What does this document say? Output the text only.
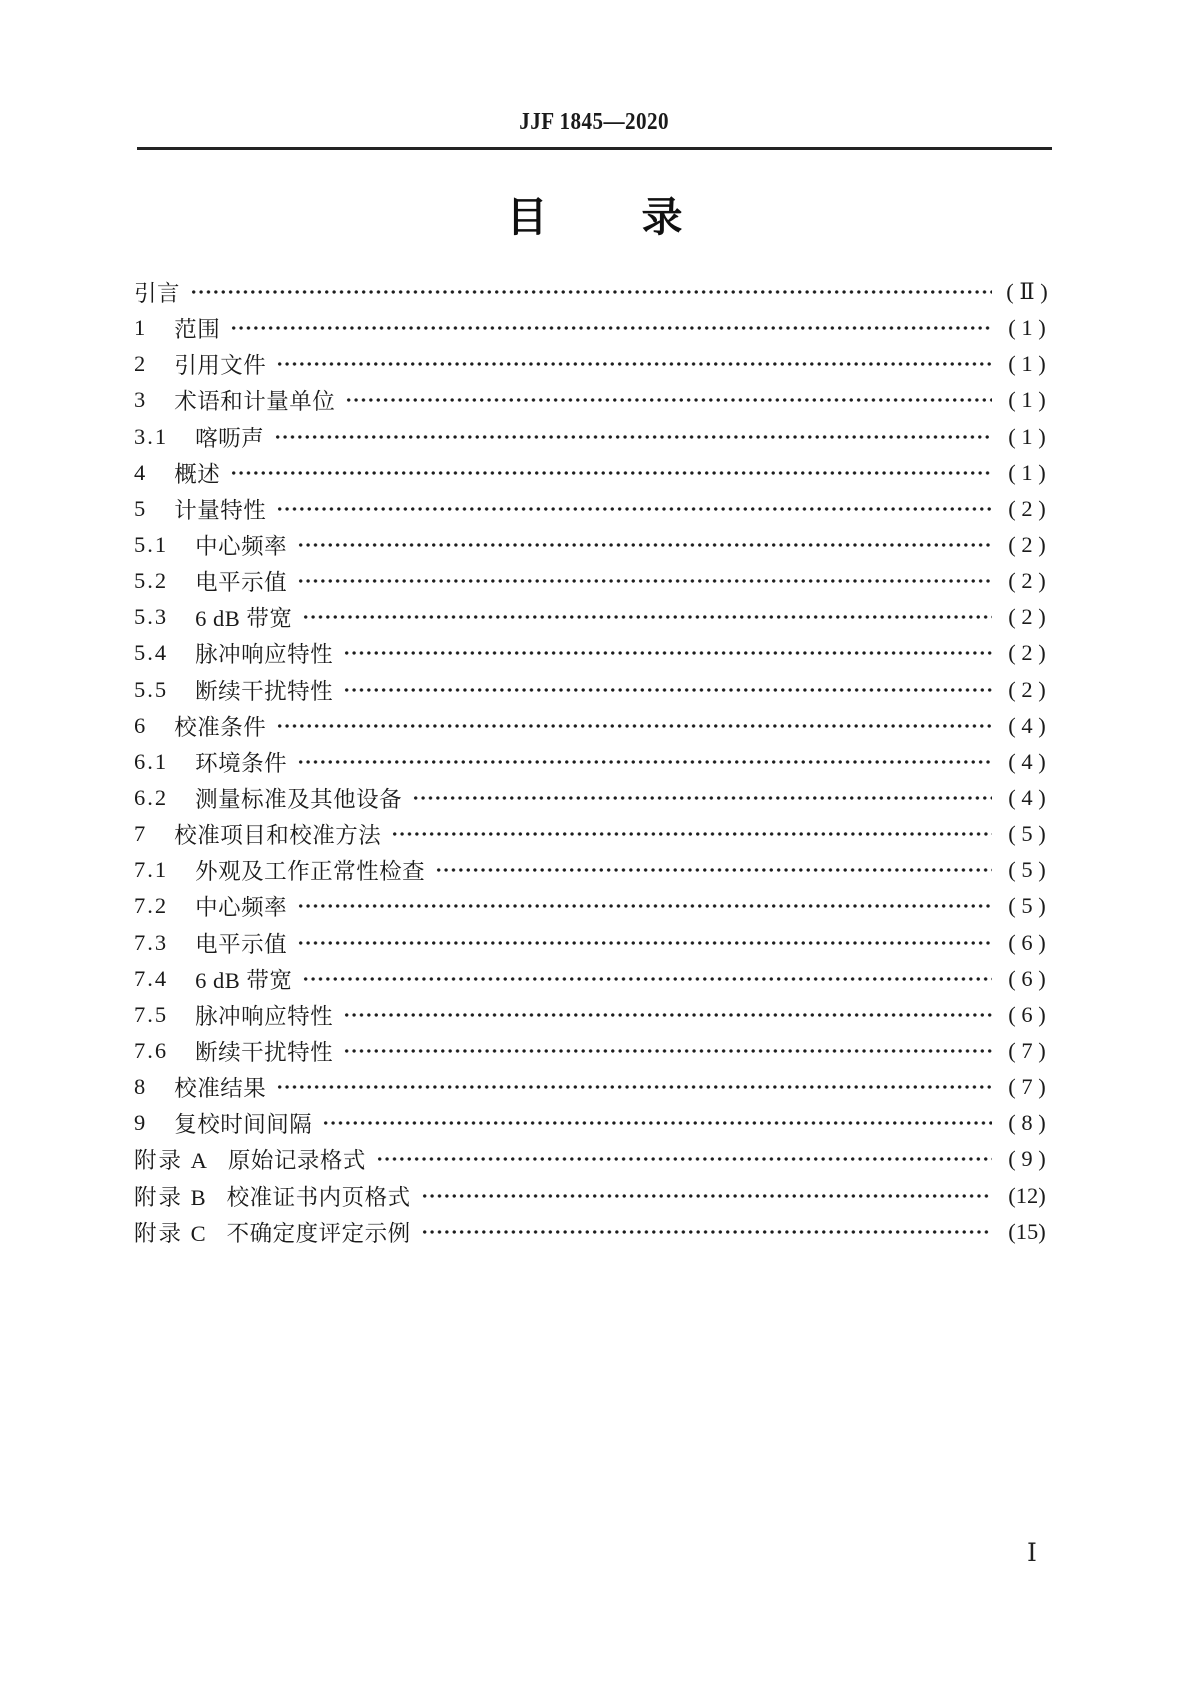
JJF 1845—2020
目 录
引言	( Ⅱ )
1 范围	( 1 )
2 引用文件	( 1 )
3 术语和计量单位	( 1 )
3.1 喀呖声	( 1 )
4 概述	( 1 )
5 计量特性	( 2 )
5.1 中心频率	( 2 )
5.2 电平示值	( 2 )
5.3 6 dB 带宽	( 2 )
5.4 脉冲响应特性	( 2 )
5.5 断续干扰特性	( 2 )
6 校准条件	( 4 )
6.1 环境条件	( 4 )
6.2 测量标准及其他设备	( 4 )
7 校准项目和校准方法	( 5 )
7.1 外观及工作正常性检查	( 5 )
7.2 中心频率	( 5 )
7.3 电平示值	( 6 )
7.4 6 dB 带宽	( 6 )
7.5 脉冲响应特性	( 6 )
7.6 断续干扰特性	( 7 )
8 校准结果	( 7 )
9 复校时间间隔	( 8 )
附录 A 原始记录格式	( 9 )
附录 B 校准证书内页格式	(12)
附录 C 不确定度评定示例	(15)
Ⅰ
